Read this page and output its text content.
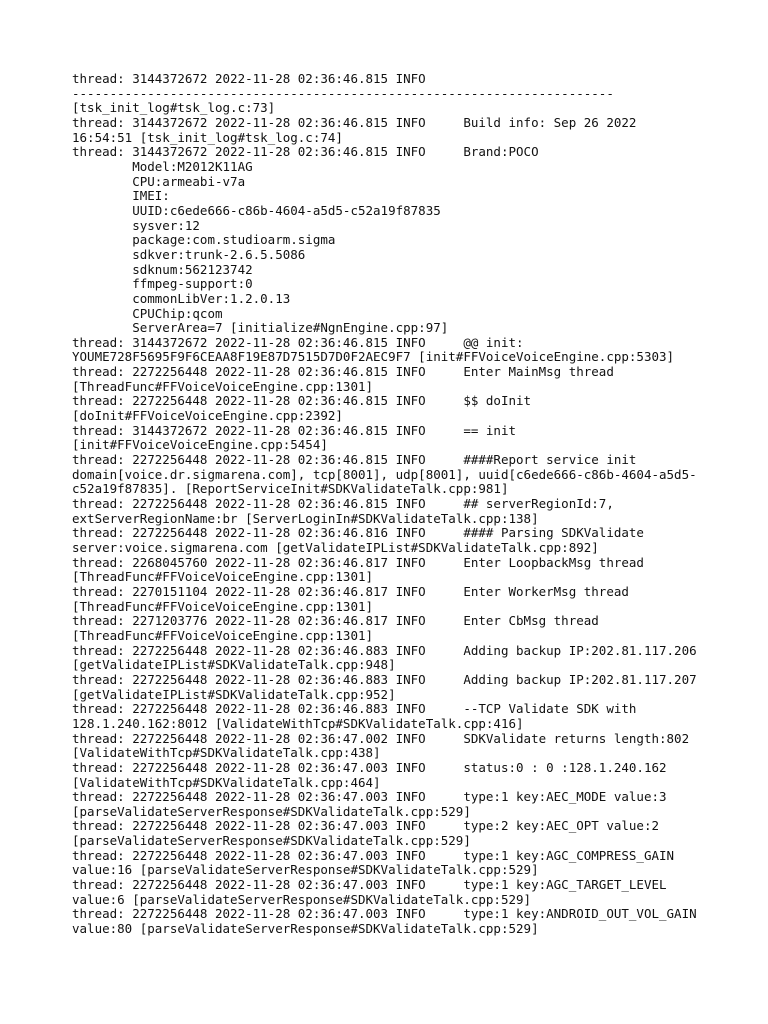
thread: 3144372672 2022-11-28 02:36:46.815 INFO
------------------------------------------------------------------------
[tsk_init_log#tsk_log.c:73]
thread: 3144372672 2022-11-28 02:36:46.815 INFO     Build info: Sep 26 2022
16:54:51 [tsk_init_log#tsk_log.c:74]
thread: 3144372672 2022-11-28 02:36:46.815 INFO     Brand:POCO
Model:M2012K11AG
CPU:armeabi-v7a
IMEI:
UUID:c6ede666-c86b-4604-a5d5-c52a19f87835
sysver:12
package:com.studioarm.sigma
sdkver:trunk-2.6.5.5086
sdknum:562123742
ffmpeg-support:0
commonLibVer:1.2.0.13
CPUChip:qcom
ServerArea=7 [initialize#NgnEngine.cpp:97]
thread: 3144372672 2022-11-28 02:36:46.815 INFO     @@ init:
YOUME728F5695F9F6CEAA8F19E87D7515D7D0F2AEC9F7 [init#FFVoiceVoiceEngine.cpp:5303]
thread: 2272256448 2022-11-28 02:36:46.815 INFO     Enter MainMsg thread
[ThreadFunc#FFVoiceVoiceEngine.cpp:1301]
thread: 2272256448 2022-11-28 02:36:46.815 INFO     $$ doInit
[doInit#FFVoiceVoiceEngine.cpp:2392]
thread: 3144372672 2022-11-28 02:36:46.815 INFO     == init
[init#FFVoiceVoiceEngine.cpp:5454]
thread: 2272256448 2022-11-28 02:36:46.815 INFO     ####Report service init
domain[voice.dr.sigmarena.com], tcp[8001], udp[8001], uuid[c6ede666-c86b-4604-a5d5-
c52a19f87835]. [ReportServiceInit#SDKValidateTalk.cpp:981]
thread: 2272256448 2022-11-28 02:36:46.815 INFO     ## serverRegionId:7,
extServerRegionName:br [ServerLoginIn#SDKValidateTalk.cpp:138]
thread: 2272256448 2022-11-28 02:36:46.816 INFO     #### Parsing SDKValidate
server:voice.sigmarena.com [getValidateIPList#SDKValidateTalk.cpp:892]
thread: 2268045760 2022-11-28 02:36:46.817 INFO     Enter LoopbackMsg thread
[ThreadFunc#FFVoiceVoiceEngine.cpp:1301]
thread: 2270151104 2022-11-28 02:36:46.817 INFO     Enter WorkerMsg thread
[ThreadFunc#FFVoiceVoiceEngine.cpp:1301]
thread: 2271203776 2022-11-28 02:36:46.817 INFO     Enter CbMsg thread
[ThreadFunc#FFVoiceVoiceEngine.cpp:1301]
thread: 2272256448 2022-11-28 02:36:46.883 INFO     Adding backup IP:202.81.117.206
[getValidateIPList#SDKValidateTalk.cpp:948]
thread: 2272256448 2022-11-28 02:36:46.883 INFO     Adding backup IP:202.81.117.207
[getValidateIPList#SDKValidateTalk.cpp:952]
thread: 2272256448 2022-11-28 02:36:46.883 INFO     --TCP Validate SDK with
128.1.240.162:8012 [ValidateWithTcp#SDKValidateTalk.cpp:416]
thread: 2272256448 2022-11-28 02:36:47.002 INFO     SDKValidate returns length:802
[ValidateWithTcp#SDKValidateTalk.cpp:438]
thread: 2272256448 2022-11-28 02:36:47.003 INFO     status:0 : 0 :128.1.240.162
[ValidateWithTcp#SDKValidateTalk.cpp:464]
thread: 2272256448 2022-11-28 02:36:47.003 INFO     type:1 key:AEC_MODE value:3
[parseValidateServerResponse#SDKValidateTalk.cpp:529]
thread: 2272256448 2022-11-28 02:36:47.003 INFO     type:2 key:AEC_OPT value:2
[parseValidateServerResponse#SDKValidateTalk.cpp:529]
thread: 2272256448 2022-11-28 02:36:47.003 INFO     type:1 key:AGC_COMPRESS_GAIN
value:16 [parseValidateServerResponse#SDKValidateTalk.cpp:529]
thread: 2272256448 2022-11-28 02:36:47.003 INFO     type:1 key:AGC_TARGET_LEVEL
value:6 [parseValidateServerResponse#SDKValidateTalk.cpp:529]
thread: 2272256448 2022-11-28 02:36:47.003 INFO     type:1 key:ANDROID_OUT_VOL_GAIN
value:80 [parseValidateServerResponse#SDKValidateTalk.cpp:529]
